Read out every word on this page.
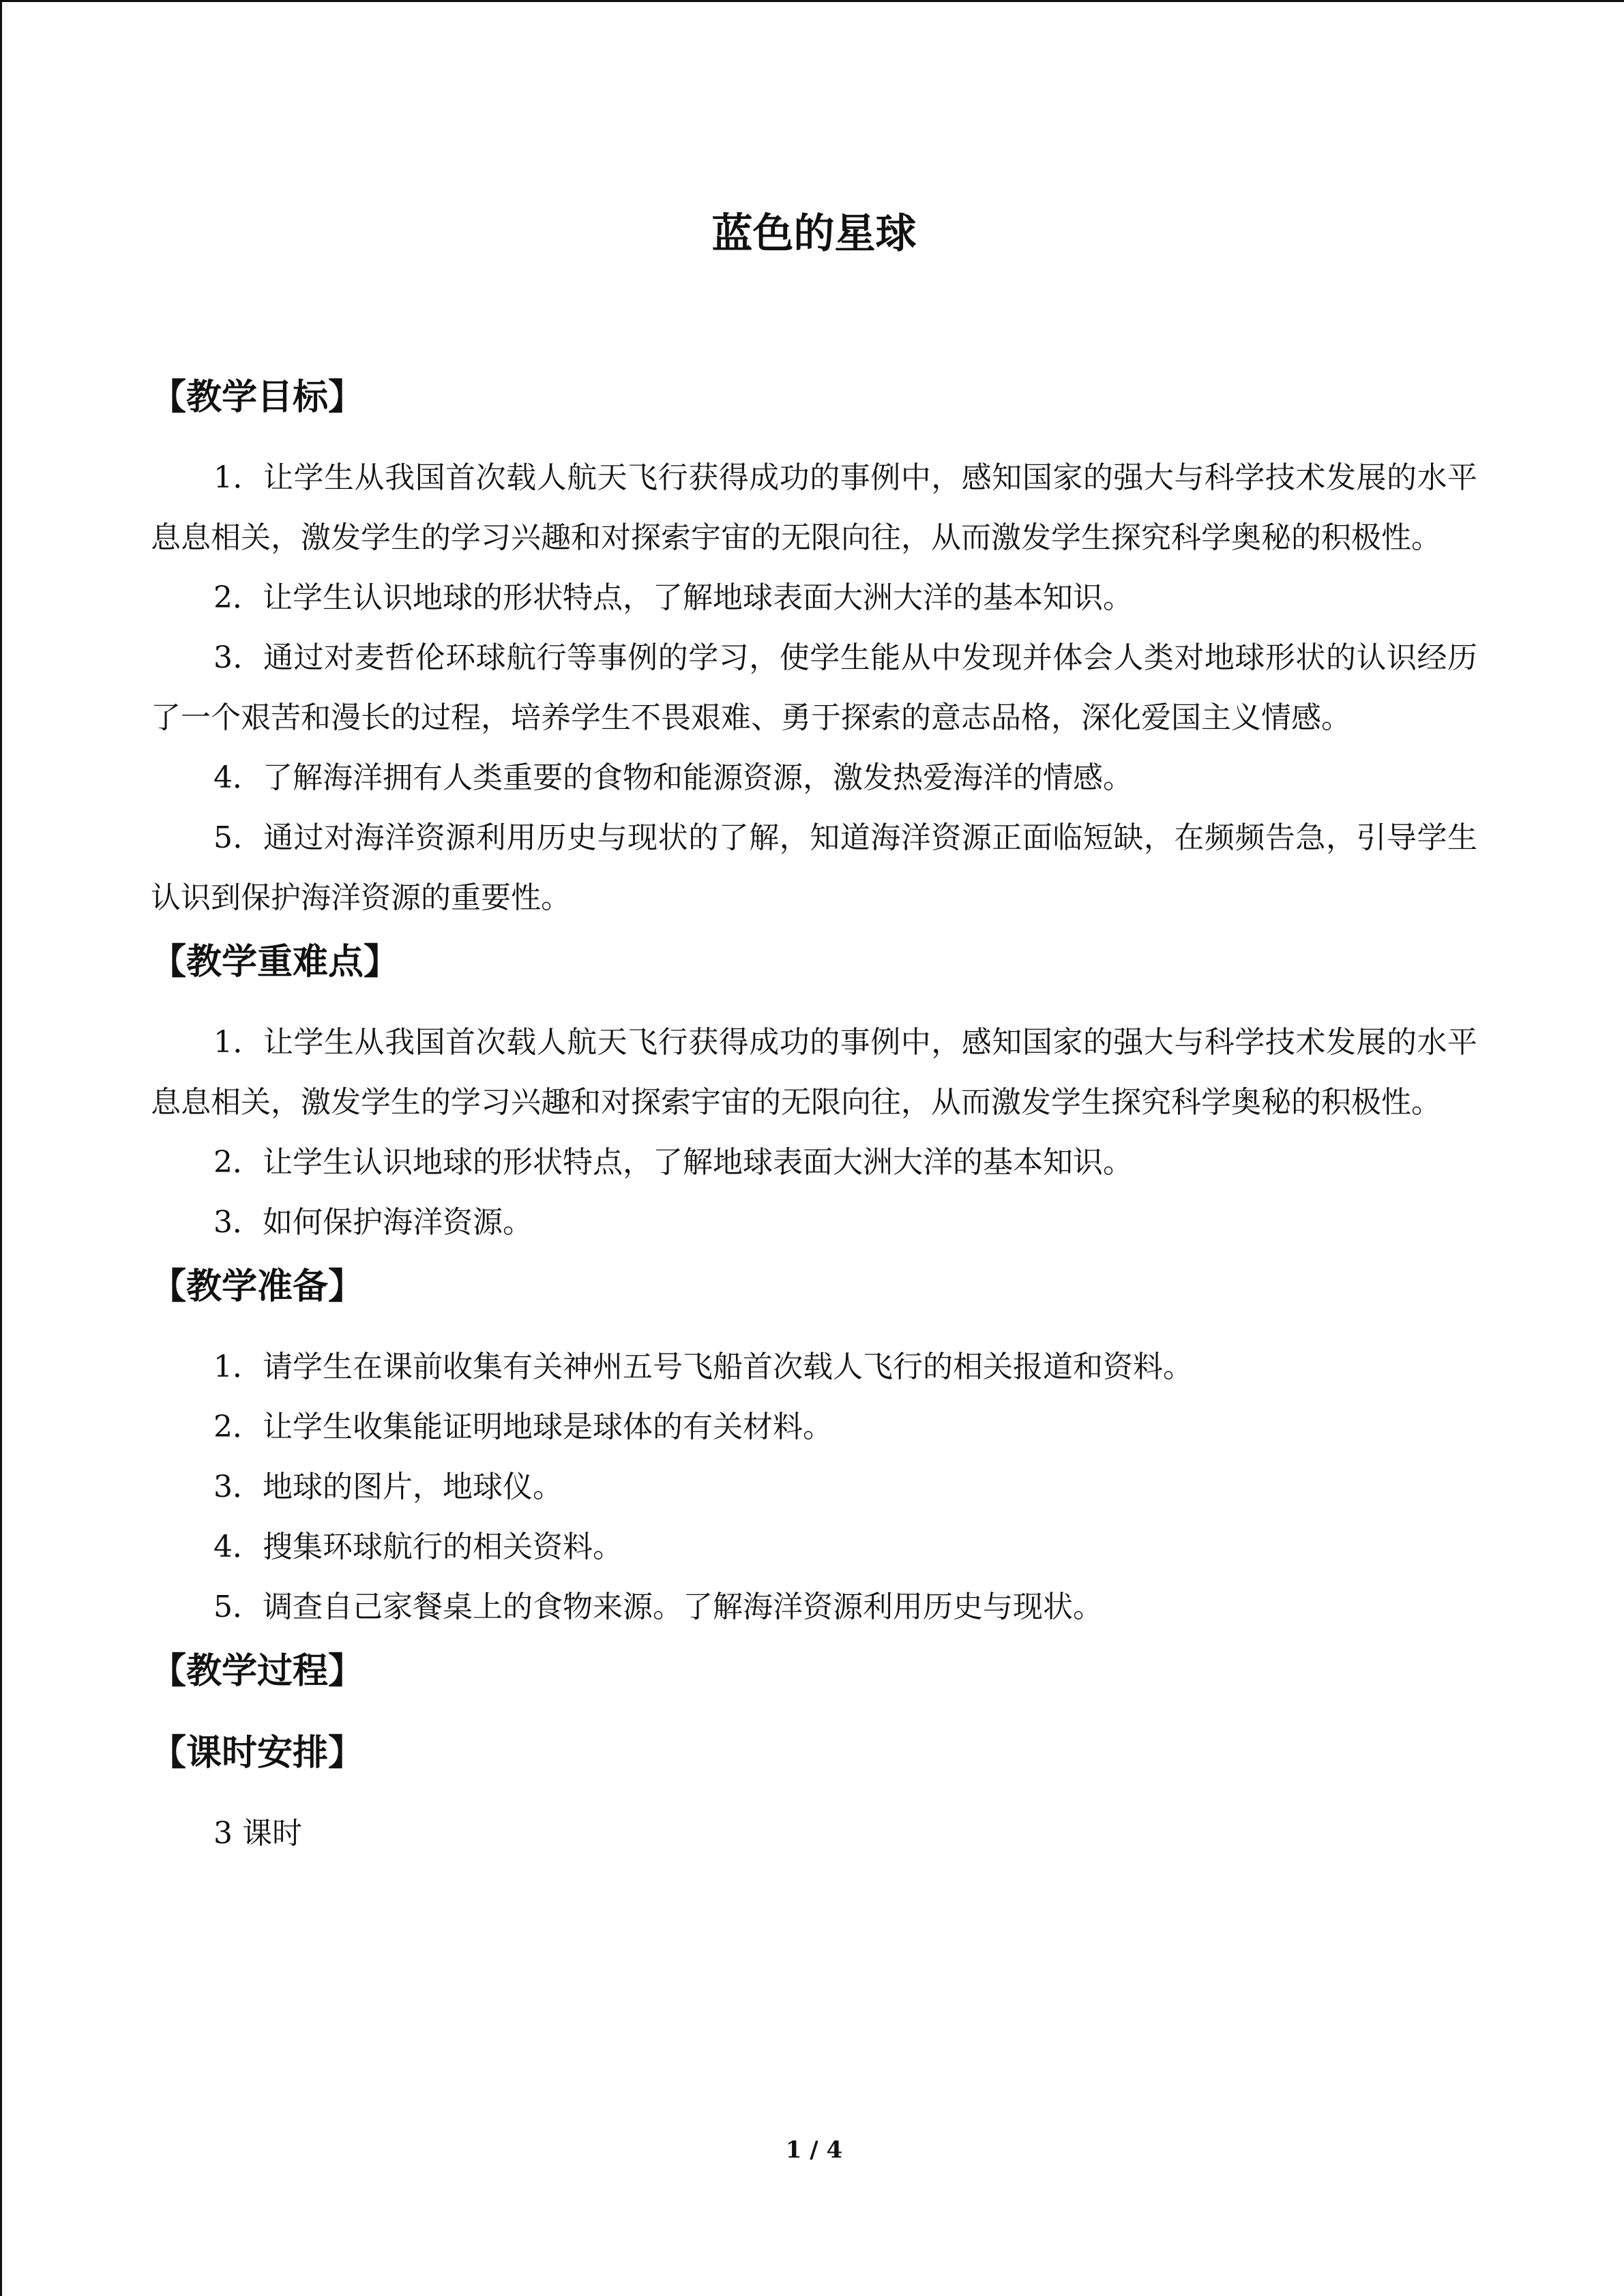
蓝色的星球
【教学目标】

1．让学生从我国首次载人航天飞行获得成功的事例中，感知国家的强大与科学技术发展的水平息息相关，激发学生的学习兴趣和对探索宇宙的无限向往，从而激发学生探究科学奥秘的积极性。

2．让学生认识地球的形状特点，了解地球表面大洲大洋的基本知识。

3．通过对麦哲伦环球航行等事例的学习，使学生能从中发现并体会人类对地球形状的认识经历了一个艰苦和漫长的过程，培养学生不畏艰难、勇于探索的意志品格，深化爱国主义情感。

4．了解海洋拥有人类重要的食物和能源资源，激发热爱海洋的情感。

5．通过对海洋资源利用历史与现状的了解，知道海洋资源正面临短缺，在频频告急，引导学生认识到保护海洋资源的重要性。

【教学重难点】

1．让学生从我国首次载人航天飞行获得成功的事例中，感知国家的强大与科学技术发展的水平息息相关，激发学生的学习兴趣和对探索宇宙的无限向往，从而激发学生探究科学奥秘的积极性。

2．让学生认识地球的形状特点，了解地球表面大洲大洋的基本知识。

3．如何保护海洋资源。

【教学准备】

1．请学生在课前收集有关神州五号飞船首次载人飞行的相关报道和资料。

2．让学生收集能证明地球是球体的有关材料。

3．地球的图片，地球仪。

4．搜集环球航行的相关资料。

5．调查自己家餐桌上的食物来源。了解海洋资源利用历史与现状。

【教学过程】
【课时安排】

3 课时

1 / 4
